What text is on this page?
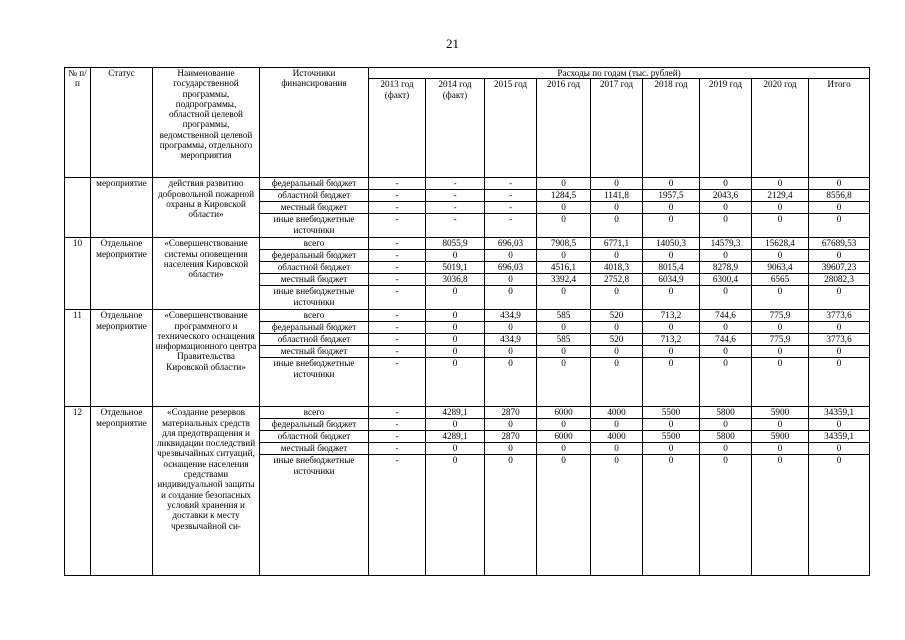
21
№ п/п	Статус	Наименование государственной программы, подпрограммы, областной целевой программы, ведомственной целевой программы, отдельного мероприятия	Источники финансирования	Расходы по годам (тыс. рублей)								
				2013 год (факт)	2014 год (факт)	2015 год	2016 год	2017 год	2018 год	2019 год	2020 год	Итого
	мероприятие	действия развитию добровольной пожарной охраны в Кировской области»	федеральный бюджет	-	-	-	0	0	0	0	0	0
			областной бюджет	-	-	-	1284,5	1141,8	1957,5	2043,6	2129,4	8556,8
			местный бюджет	-	-	-	0	0	0	0	0	0
			иные внебюджетные источники	-	-	-	0	0	0	0	0	0
10	Отдельное мероприятие	«Совершенствование системы оповещения населения Кировской области»	всего	-	8055,9	696,03	7908,5	6771,1	14050,3	14579,3	15628,4	67689,53
			федеральный бюджет	-	0	0	0	0	0	0	0	0
			областной бюджет	-	5019,1	696,03	4516,1	4018,3	8015,4	8278,9	9063,4	39607,23
			местный бюджет	-	3036,8	0	3392,4	2752,8	6034,9	6300,4	6565	28082,3
			иные внебюджетные источники	-	0	0	0	0	0	0	0	0
11	Отдельное мероприятие	«Совершенствование программного и технического оснащения информационного центра Правительства Кировской области»	всего	-	0	434,9	585	520	713,2	744,6	775,9	3773,6
			федеральный бюджет	-	0	0	0	0	0	0	0	0
			областной бюджет	-	0	434,9	585	520	713,2	744,6	775,9	3773,6
			местный бюджет	-	0	0	0	0	0	0	0	0
			иные внебюджетные источники	-	0	0	0	0	0	0	0	0
12	Отдельное мероприятие	«Создание резервов материальных средств для предотвращения и ликвидации последствий чрезвычайных ситуаций, оснащение населения средствами индивидуальной защиты и создание безопасных условий хранения и доставки к месту чрезвычайной си-	всего	-	4289,1	2870	6000	4000	5500	5800	5900	34359,1
			федеральный бюджет	-	0	0	0	0	0	0	0	0
			областной бюджет	-	4289,1	2870	6000	4000	5500	5800	5900	34359,1
			местный бюджет	-	0	0	0	0	0	0	0	0
			иные внебюджетные источники	-	0	0	0	0	0	0	0	0
